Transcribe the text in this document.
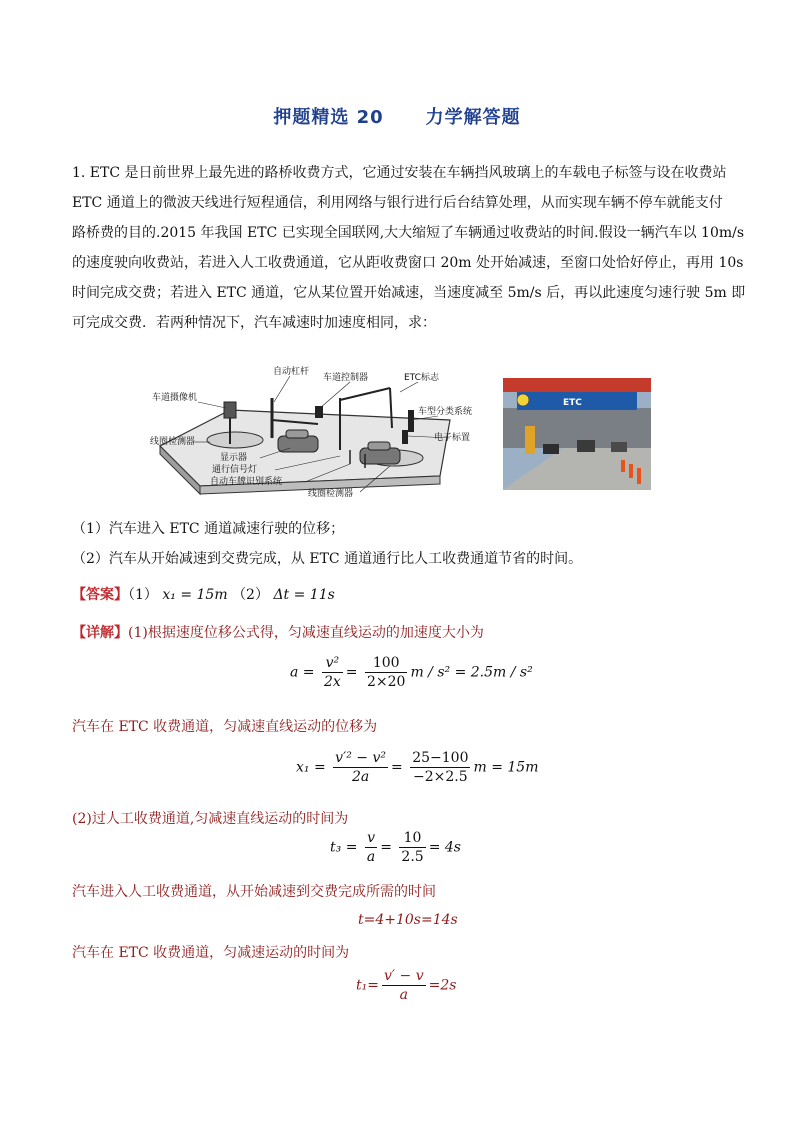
押题精选 20 力学解答题
1. ETC 是日前世界上最先进的路桥收费方式，它通过安装在车辆挡风玻璃上的车载电子标签与设在收费站
ETC 通道上的微波天线进行短程通信，利用网络与银行进行后台结算处理，从而实现车辆不停车就能支付
路桥费的目的.2015 年我国 ETC 已实现全国联网,大大缩短了车辆通过收费站的时间.假设一辆汽车以 10m/s
的速度驶向收费站，若进入人工收费通道，它从距收费窗口 20m 处开始减速，至窗口处恰好停止，再用 10s
时间完成交费；若进入 ETC 通道，它从某位置开始减速，当速度减至 5m/s 后，再以此速度匀速行驶 5m 即
可完成交费．若两种情况下，汽车减速时加速度相同，求：
自动杠杆
车道控制器	ETC标志
车道摄像机
车型分类系统
线圈检测器	电子标置
显示器
通行信号灯
自动车牌识别系统
线圈检测器
ETC
（1）汽车进入 ETC 通道减速行驶的位移；
（2）汽车从开始减速到交费完成，从 ETC 通道通行比人工收费通道节省的时间。
【答案】（1） x₁ = 15m （2） Δt = 11s
【详解】(1)根据速度位移公式得，匀减速直线运动的加速度大小为
$a = \frac{\text{v²}}{2x} = \frac{100}{2\times 20}$ m / s² = 2.5m / s²
汽车在 ETC 收费通道，匀减速直线运动的位移为
$x_1 = \frac{\text{v′² − v²}}{2a} = \frac{25-100}{-2\times 2.5}$ m = 15m
(2)过人工收费通道,匀减速直线运动的时间为
$t_3 = \frac{v}{a} = \frac{10}{2.5} = 4s$
汽车进入人工收费通道，从开始减速到交费完成所需的时间
t=4+10s=14s
汽车在 ETC 收费通道，匀减速运动的时间为
$t_1= \frac{v' - v}{a} =2s$
